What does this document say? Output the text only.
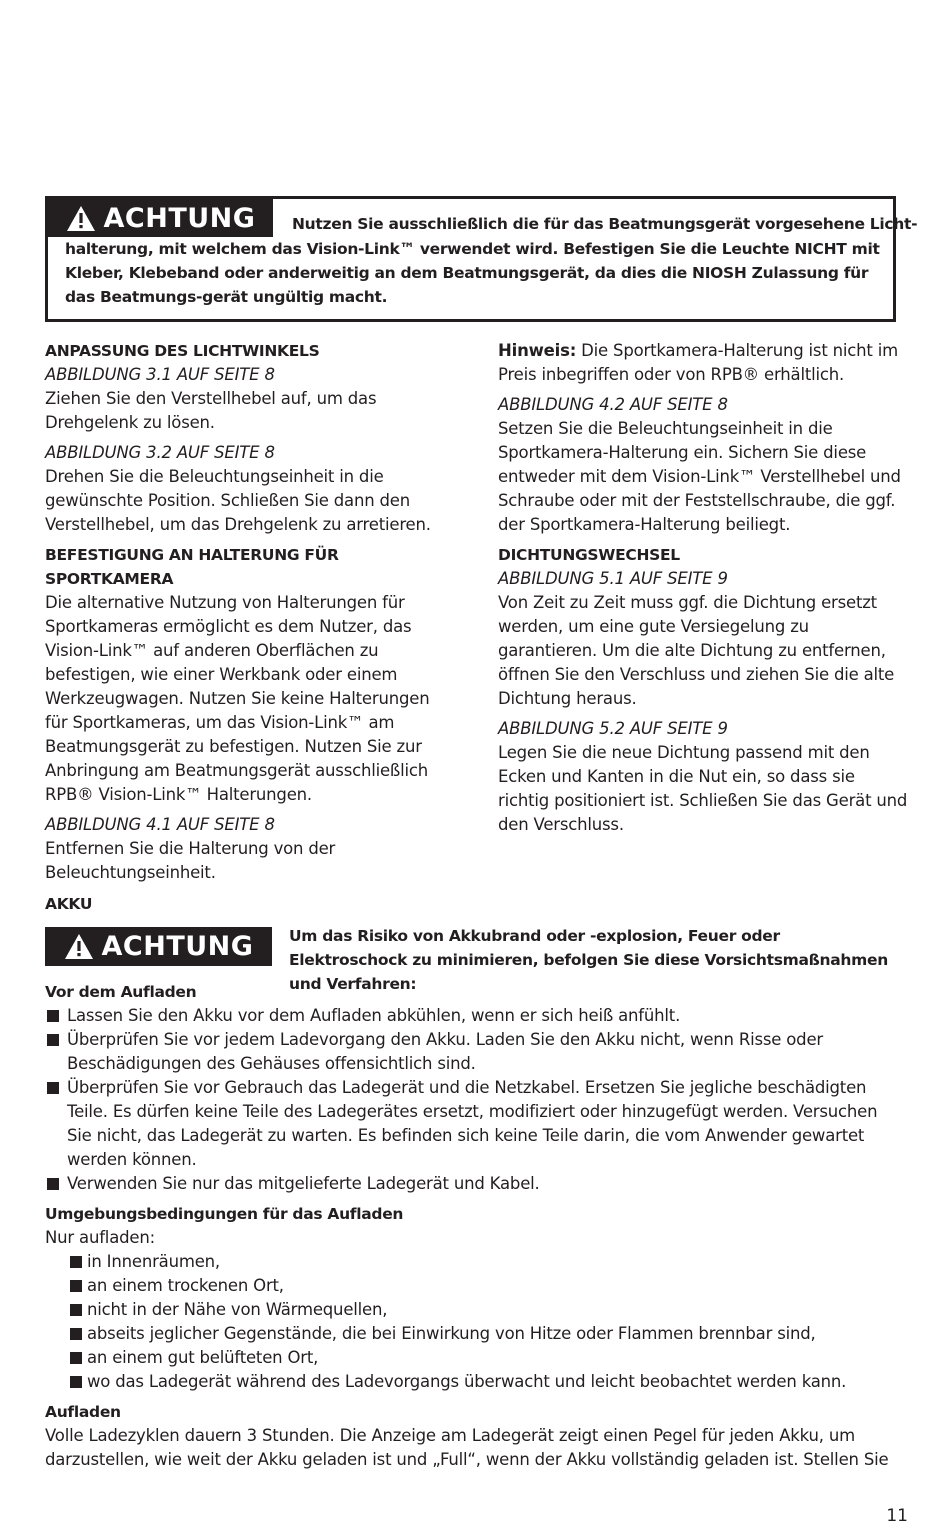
ACHTUNG Nutzen Sie ausschließlich die für das Beatmungsgerät vorgesehene Licht-
halterung, mit welchem das Vision-Link™ verwendet wird. Befestigen Sie die Leuchte NICHT mit Kleber, Klebeband oder anderweitig an dem Beatmungsgerät, da dies die NIOSH Zulassung für das Beatmungs-gerät ungültig macht.
ANPASSUNG DES LICHTWINKELS
ABBILDUNG 3.1 AUF SEITE 8

Ziehen Sie den Verstellhebel auf, um das Drehgelenk zu lösen.

ABBILDUNG 3.2 AUF SEITE 8

Drehen Sie die Beleuchtungseinheit in die gewünschte Position. Schließen Sie dann den Verstellhebel, um das Drehgelenk zu arretieren.

BEFESTIGUNG AN HALTERUNG FÜR SPORTKAMERA

Die alternative Nutzung von Halterungen für Sportkameras ermöglicht es dem Nutzer, das Vision-Link™ auf anderen Oberflächen zu befestigen, wie einer Werkbank oder einem Werkzeugwagen. Nutzen Sie keine Halterungen für Sportkameras, um das Vision-Link™ am Beatmungsgerät zu befestigen. Nutzen Sie zur Anbringung am Beatmungsgerät ausschließlich RPB® Vision-Link™ Halterungen.

ABBILDUNG 4.1 AUF SEITE 8

Entfernen Sie die Halterung von der Beleuchtungseinheit.

Hinweis: Die Sportkamera-Halterung ist nicht im Preis inbegriffen oder von RPB® erhältlich.

ABBILDUNG 4.2 AUF SEITE 8

Setzen Sie die Beleuchtungseinheit in die Sportkamera-Halterung ein. Sichern Sie diese entweder mit dem Vision-Link™ Verstellhebel und Schraube oder mit der Feststellschraube, die ggf. der Sportkamera-Halterung beiliegt.

DICHTUNGSWECHSEL
ABBILDUNG 5.1 AUF SEITE 9

Von Zeit zu Zeit muss ggf. die Dichtung ersetzt werden, um eine gute Versiegelung zu garantieren. Um die alte Dichtung zu entfernen, öffnen Sie den Verschluss und ziehen Sie die alte Dichtung heraus.

ABBILDUNG 5.2 AUF SEITE 9

Legen Sie die neue Dichtung passend mit den Ecken und Kanten in die Nut ein, so dass sie richtig positioniert ist. Schließen Sie das Gerät und den Verschluss.

AKKU
ACHTUNG Um das Risiko von Akkubrand oder -explosion, Feuer oder Elektroschock zu minimieren, befolgen Sie diese Vorsichtsmaßnahmen und Verfahren:
Vor dem Aufladen
Lassen Sie den Akku vor dem Aufladen abkühlen, wenn er sich heiß anfühlt.
Überprüfen Sie vor jedem Ladevorgang den Akku. Laden Sie den Akku nicht, wenn Risse oder Beschädigungen des Gehäuses offensichtlich sind.
Überprüfen Sie vor Gebrauch das Ladegerät und die Netzkabel. Ersetzen Sie jegliche beschädigten Teile. Es dürfen keine Teile des Ladegerätes ersetzt, modifiziert oder hinzugefügt werden. Versuchen Sie nicht, das Ladegerät zu warten. Es befinden sich keine Teile darin, die vom Anwender gewartet werden können.
Verwenden Sie nur das mitgelieferte Ladegerät und Kabel.
Umgebungsbedingungen für das Aufladen
Nur aufladen:
in Innenräumen,
an einem trockenen Ort,
nicht in der Nähe von Wärmequellen,
abseits jeglicher Gegenstände, die bei Einwirkung von Hitze oder Flammen brennbar sind,
an einem gut belüfteten Ort,
wo das Ladegerät während des Ladevorgangs überwacht und leicht beobachtet werden kann.
Aufladen
Volle Ladezyklen dauern 3 Stunden. Die Anzeige am Ladegerät zeigt einen Pegel für jeden Akku, um darzustellen, wie weit der Akku geladen ist und „Full“, wenn der Akku vollständig geladen ist. Stellen Sie
11
